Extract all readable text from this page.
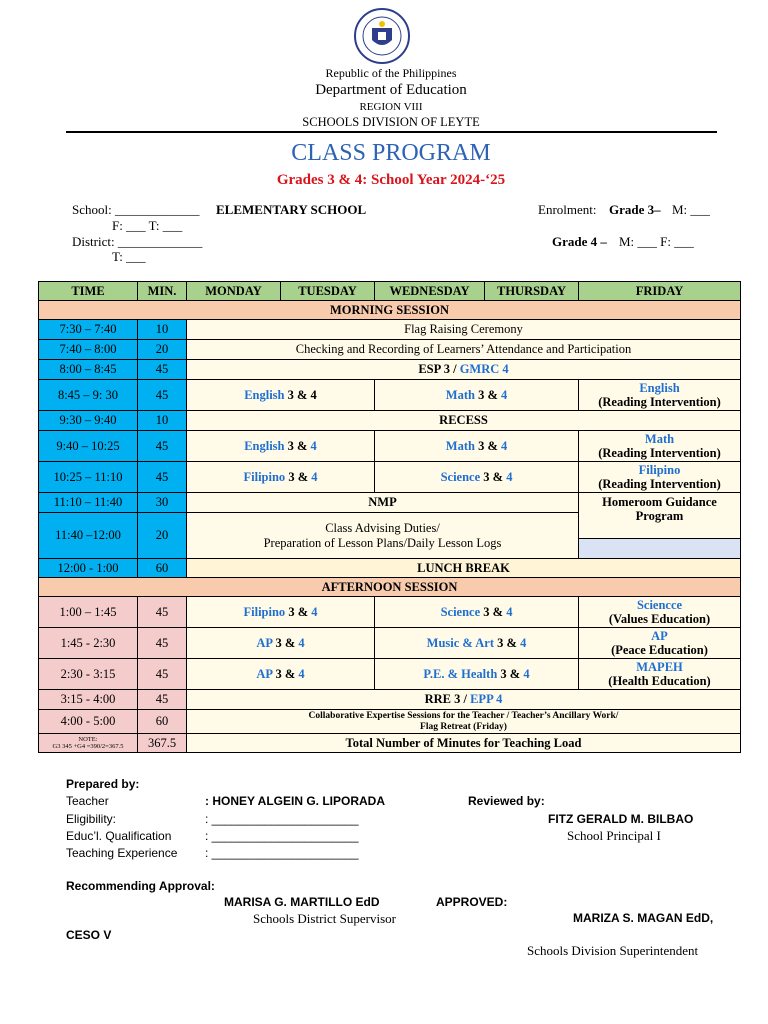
Republic of the Philippines
Department of Education
REGION VIII
SCHOOLS DIVISION OF LEYTE
CLASS PROGRAM
Grades 3 & 4: School Year 2024-‘25
School: _____________ ELEMENTARY SCHOOL
F: ___ T: ___
District: _____________
T: ___
Enrolment: Grade 3– M: ___
Grade 4 – M: ___ F: ___
TIME	MIN.	MONDAY	TUESDAY	WEDNESDAY	THURSDAY	FRIDAY
MORNING SESSION						
7:30 – 7:40	10	Flag Raising Ceremony				
7:40 – 8:00	20	Checking and Recording of Learners’ Attendance and Participation				
8:00 – 8:45	45	ESP 3 / GMRC 4				
8:45 – 9: 30	45	English 3 & 4		Math 3 & 4		English
(Reading Intervention)
9:30 – 9:40	10	RECESS				
9:40 – 10:25	45	English 3 & 4		Math 3 & 4		Math
(Reading Intervention)
10:25 – 11:10	45	Filipino 3 & 4		Science 3 & 4		Filipino
(Reading Intervention)
11:10 – 11:40	30	NMP				Homeroom Guidance Program
11:40 –12:00	20	Class Advising Duties/
Preparation of Lesson Plans/Daily Lesson Logs				

12:00 - 1:00	60	LUNCH BREAK				
AFTERNOON SESSION						
1:00 – 1:45	45	Filipino 3 & 4		Science 3 & 4		Sciencce
(Values Education)
1:45 - 2:30	45	AP 3 & 4		Music & Art 3 & 4		AP
(Peace Education)
2:30 - 3:15	45	AP 3 & 4		P.E. & Health 3 & 4		MAPEH
(Health Education)
3:15 - 4:00	45	RRE 3 / EPP 4				
4:00 - 5:00	60	Collaborative Expertise Sessions for the Teacher / Teacher’s Ancillary Work/
Flag Retreat (Friday)				
NOTE:
G3 345 +G4 =390/2=367.5	367.5	Total Number of Minutes for Teaching Load				
Prepared by:
Teacher	: HONEY ALGEIN G. LIPORADA
Eligibility:	: ______________________
Educ’l. Qualification	: ______________________
Teaching Experience : ______________________
Reviewed by:
FITZ GERALD M. BILBAO
School Principal I
Recommending Approval:
MARISA G. MARTILLO EdD
Schools District Supervisor
APPROVED:
MARIZA S. MAGAN EdD,
CESO V
Schools Division Superintendent
